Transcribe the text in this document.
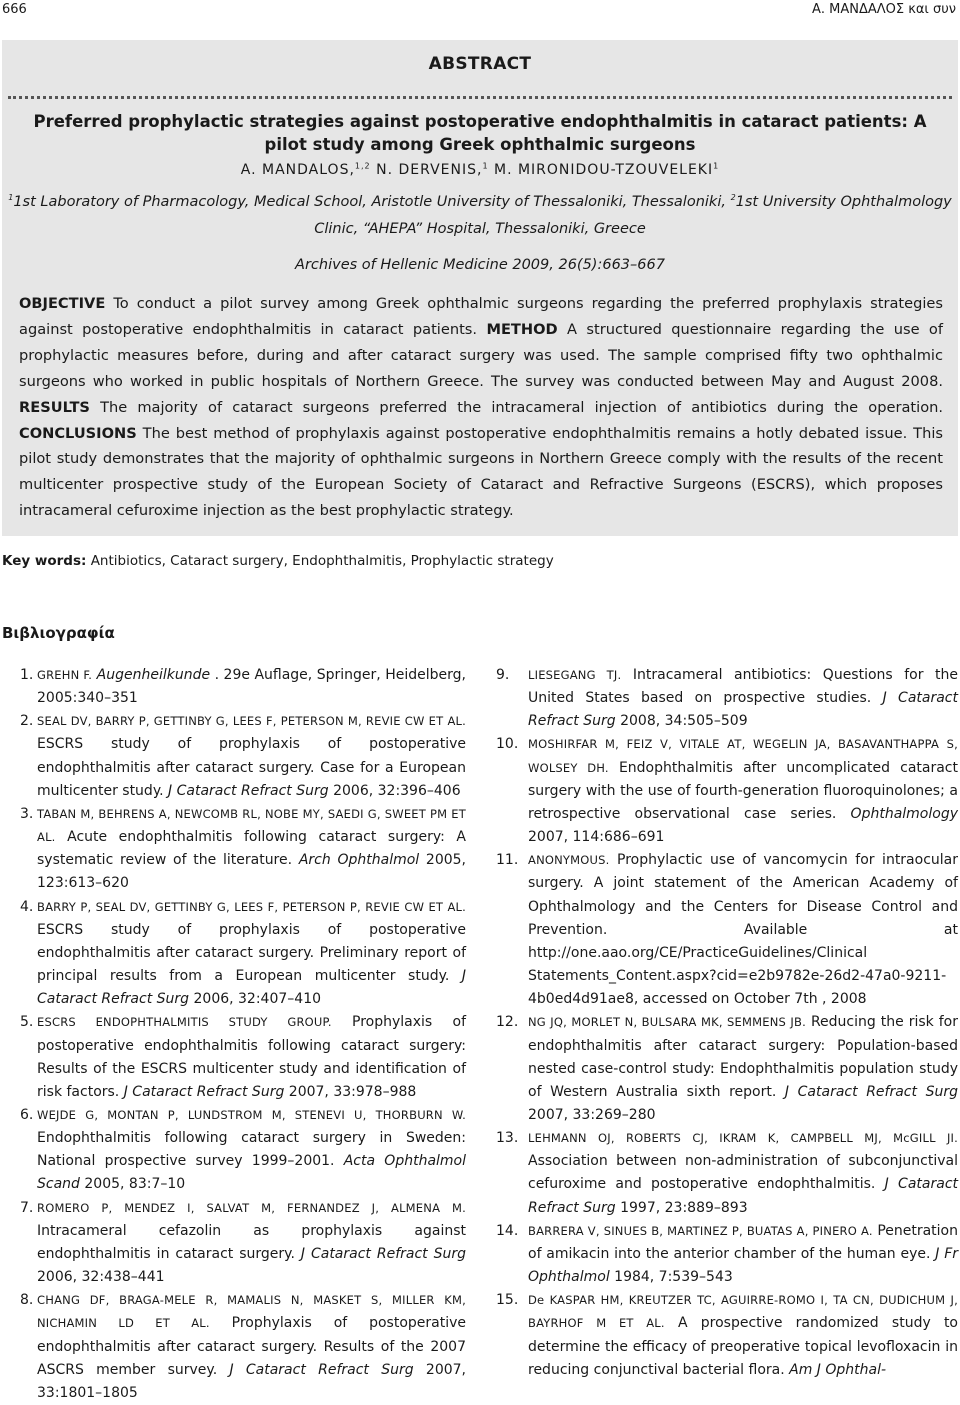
666	Α. ΜΑΝΔΑΛΟΣ και συν
ABSTRACT
Preferred prophylactic strategies against postoperative endophthalmitis in cataract patients: A pilot study among Greek ophthalmic surgeons
A. MANDALOS,$^{1,2}$ N. DERVENIS,$^1$ M. MIRONIDOU-TZOUVELEKI$^1$
$^1$1st Laboratory of Pharmacology, Medical School, Aristotle University of Thessaloniki, Thessaloniki, $^2$1st University Ophthalmology Clinic, “AHEPA” Hospital, Thessaloniki, Greece
Archives of Hellenic Medicine 2009, 26(5):663–667
OBJECTIVE To conduct a pilot survey among Greek ophthalmic surgeons regarding the preferred prophylaxis strategies against postoperative endophthalmitis in cataract patients. METHOD A structured questionnaire regarding the use of prophylactic measures before, during and after cataract surgery was used. The sample comprised fifty two ophthalmic surgeons who worked in public hospitals of Northern Greece. The survey was conducted between May and August 2008. RESULTS The majority of cataract surgeons preferred the intracameral injection of antibiotics during the operation. CONCLUSIONS The best method of prophylaxis against postoperative endophthalmitis remains a hotly debated issue. This pilot study demonstrates that the majority of ophthalmic surgeons in Northern Greece comply with the results of the recent multicenter prospective study of the European Society of Cataract and Refractive Surgeons (ESCRS), which proposes intracameral cefuroxime injection as the best prophylactic strategy.
Key words: Antibiotics, Cataract surgery, Endophthalmitis, Prophylactic strategy
Βιβλιογραφία
1. GREHN F. Augenheilkunde . 29e Auflage, Springer, Heidelberg, 2005:340–351
2. SEAL DV, BARRY P, GETTINBY G, LEES F, PETERSON M, REVIE CW ET AL. ESCRS study of prophylaxis of postoperative endophthalmitis after cataract surgery. Case for a European multicenter study. J Cataract Refract Surg 2006, 32:396–406
3. TABAN M, BEHRENS A, NEWCOMB RL, NOBE MY, SAEDI G, SWEET PM ET AL. Acute endophthalmitis following cataract surgery: A systematic review of the literature. Arch Ophthalmol 2005, 123:613–620
4. BARRY P, SEAL DV, GETTINBY G, LEES F, PETERSON P, REVIE CW ET AL. ESCRS study of prophylaxis of postoperative endophthalmitis after cataract surgery. Preliminary report of principal results from a European multicenter study. J Cataract Refract Surg 2006, 32:407–410
5. ESCRS ENDOPHTHALMITIS STUDY GROUP. Prophylaxis of postoperative endophthalmitis following cataract surgery: Results of the ESCRS multicenter study and identification of risk factors. J Cataract Refract Surg 2007, 33:978–988
6. WEJDE G, MONTAN P, LUNDSTROM M, STENEVI U, THORBURN W. Endophthalmitis following cataract surgery in Sweden: National prospective survey 1999–2001. Acta Ophthalmol Scand 2005, 83:7–10
7. ROMERO P, MENDEZ I, SALVAT M, FERNANDEZ J, ALMENA M. Intracameral cefazolin as prophylaxis against endophthalmitis in cataract surgery. J Cataract Refract Surg 2006, 32:438–441
8. CHANG DF, BRAGA-MELE R, MAMALIS N, MASKET S, MILLER KM, NICHAMIN LD ET AL. Prophylaxis of postoperative endophthalmitis after cataract surgery. Results of the 2007 ASCRS member survey. J Cataract Refract Surg 2007, 33:1801–1805
9. LIESEGANG TJ. Intracameral antibiotics: Questions for the United States based on prospective studies. J Cataract Refract Surg 2008, 34:505–509
10. MOSHIRFAR M, FEIZ V, VITALE AT, WEGELIN JA, BASAVANTHAPPA S, WOLSEY DH. Endophthalmitis after uncomplicated cataract surgery with the use of fourth-generation fluoroquinolones; a retrospective observational case series. Ophthalmology 2007, 114:686–691
11. ANONYMOUS. Prophylactic use of vancomycin for intraocular surgery. A joint statement of the American Academy of Ophthalmology and the Centers for Disease Control and Prevention. Available at http://one.aao.org/CE/PracticeGuidelines/Clinical Statements_Content.aspx?cid=e2b9782e-26d2-47a0-9211-4b0ed4d91ae8, accessed on October 7th , 2008
12. NG JQ, MORLET N, BULSARA MK, SEMMENS JB. Reducing the risk for endophthalmitis after cataract surgery: Population-based nested case-control study: Endophthalmitis population study of Western Australia sixth report. J Cataract Refract Surg 2007, 33:269–280
13. LEHMANN OJ, ROBERTS CJ, IKRAM K, CAMPBELL MJ, McGILL JI. Association between non-administration of subconjunctival cefuroxime and postoperative endophthalmitis. J Cataract Refract Surg 1997, 23:889–893
14. BARRERA V, SINUES B, MARTINEZ P, BUATAS A, PINERO A. Penetration of amikacin into the anterior chamber of the human eye. J Fr Ophthalmol 1984, 7:539–543
15. De KASPAR HM, KREUTZER TC, AGUIRRE-ROMO I, TA CN, DUDICHUM J, BAYRHOF M ET AL. A prospective randomized study to determine the efficacy of preoperative topical levofloxacin in reducing conjunctival bacterial flora. Am J Ophthal-
